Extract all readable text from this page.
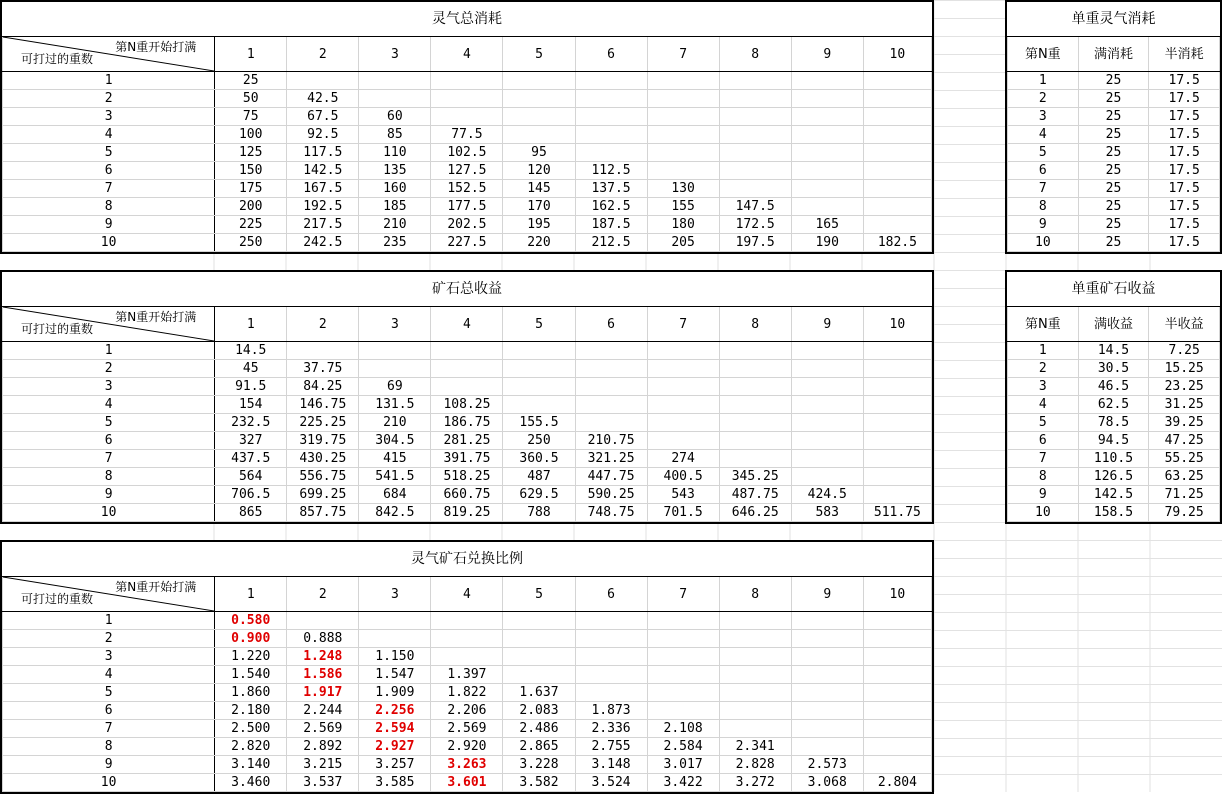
灵气总消耗										

第N重开始打满
可打过的重数	1	2	3	4	5	6	7	8	9	10
1	25									
2	50	42.5								
3	75	67.5	60							
4	100	92.5	85	77.5						
5	125	117.5	110	102.5	95					
6	150	142.5	135	127.5	120	112.5				
7	175	167.5	160	152.5	145	137.5	130			
8	200	192.5	185	177.5	170	162.5	155	147.5		
9	225	217.5	210	202.5	195	187.5	180	172.5	165	
10	250	242.5	235	227.5	220	212.5	205	197.5	190	182.5
单重灵气消耗		
第N重	满消耗	半消耗
1	25	17.5
2	25	17.5
3	25	17.5
4	25	17.5
5	25	17.5
6	25	17.5
7	25	17.5
8	25	17.5
9	25	17.5
10	25	17.5
矿石总收益										

第N重开始打满
可打过的重数	1	2	3	4	5	6	7	8	9	10
1	14.5									
2	45	37.75								
3	91.5	84.25	69							
4	154	146.75	131.5	108.25						
5	232.5	225.25	210	186.75	155.5					
6	327	319.75	304.5	281.25	250	210.75				
7	437.5	430.25	415	391.75	360.5	321.25	274			
8	564	556.75	541.5	518.25	487	447.75	400.5	345.25		
9	706.5	699.25	684	660.75	629.5	590.25	543	487.75	424.5	
10	865	857.75	842.5	819.25	788	748.75	701.5	646.25	583	511.75
单重矿石收益		
第N重	满收益	半收益
1	14.5	7.25
2	30.5	15.25
3	46.5	23.25
4	62.5	31.25
5	78.5	39.25
6	94.5	47.25
7	110.5	55.25
8	126.5	63.25
9	142.5	71.25
10	158.5	79.25
灵气矿石兑换比例										

第N重开始打满
可打过的重数	1	2	3	4	5	6	7	8	9	10
1	0.580									
2	0.900	0.888								
3	1.220	1.248	1.150							
4	1.540	1.586	1.547	1.397						
5	1.860	1.917	1.909	1.822	1.637					
6	2.180	2.244	2.256	2.206	2.083	1.873				
7	2.500	2.569	2.594	2.569	2.486	2.336	2.108			
8	2.820	2.892	2.927	2.920	2.865	2.755	2.584	2.341		
9	3.140	3.215	3.257	3.263	3.228	3.148	3.017	2.828	2.573	
10	3.460	3.537	3.585	3.601	3.582	3.524	3.422	3.272	3.068	2.804
